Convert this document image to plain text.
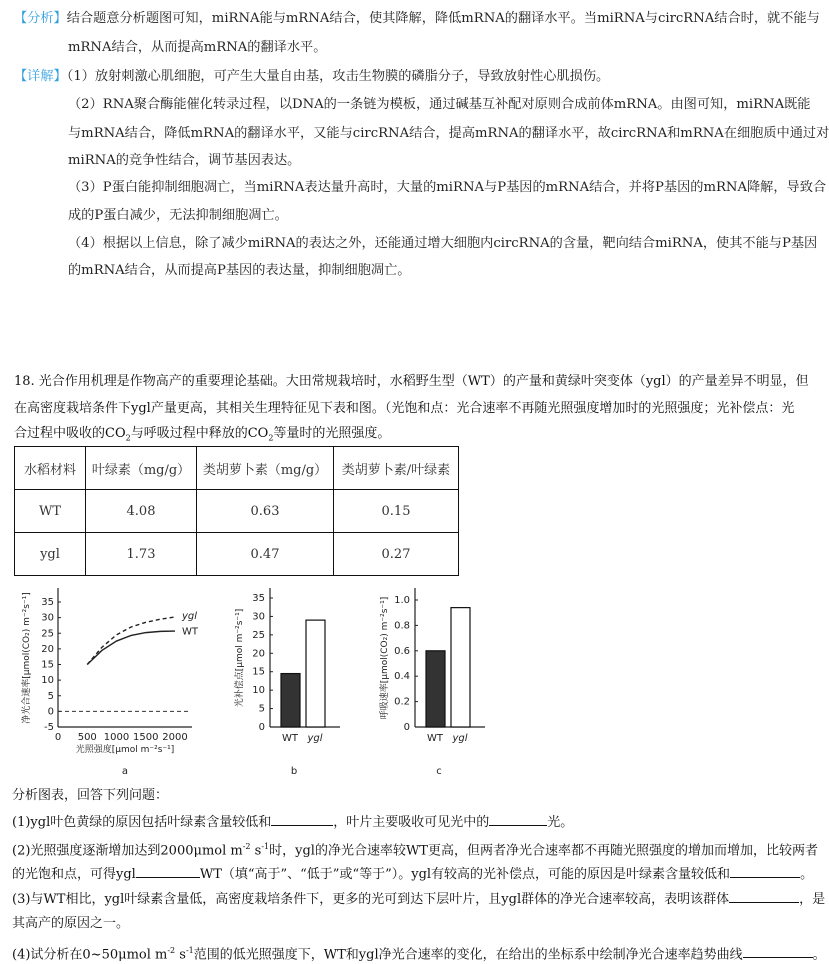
【分析】结合题意分析题图可知，miRNA能与mRNA结合，使其降解，降低mRNA的翻译水平。当miRNA与circRNA结合时，就不能与
mRNA结合，从而提高mRNA的翻译水平。
【详解】（1）放射刺激心肌细胞，可产生大量自由基，攻击生物膜的磷脂分子，导致放射性心肌损伤。
（2）RNA聚合酶能催化转录过程，以DNA的一条链为模板，通过碱基互补配对原则合成前体mRNA。由图可知，miRNA既能
与mRNA结合，降低mRNA的翻译水平，又能与circRNA结合，提高mRNA的翻译水平，故circRNA和mRNA在细胞质中通过对
miRNA的竞争性结合，调节基因表达。
（3）P蛋白能抑制细胞凋亡，当miRNA表达量升高时，大量的miRNA与P基因的mRNA结合，并将P基因的mRNA降解，导致合
成的P蛋白减少，无法抑制细胞凋亡。
（4）根据以上信息，除了减少miRNA的表达之外，还能通过增大细胞内circRNA的含量，靶向结合miRNA，使其不能与P基因
的mRNA结合，从而提高P基因的表达量，抑制细胞凋亡。
18. 光合作用机理是作物高产的重要理论基础。大田常规栽培时，水稻野生型（WT）的产量和黄绿叶突变体（ygl）的产量差异不明显，但
在高密度栽培条件下ygl产量更高，其相关生理特征见下表和图。（光饱和点：光合速率不再随光照强度增加时的光照强度；光补偿点：光
合过程中吸收的$CO_2$与呼吸过程中释放的$CO_2$等量时的光照强度。
水稻材料	叶绿素（mg/g）	类胡萝卜素（mg/g）	类胡萝卜素/叶绿素
WT	4.08	0.63	0.15
ygl	1.73	0.47	0.27
35
30
25
20
15
10
5
0
-5
0 500 1000 1500 2000
ygl
WT
净光合速率[μmol(CO₂) m⁻²s⁻¹]
光照强度[μmol m⁻²s⁻¹]
a
35
30
25
20
15
10
5
0
WT ygl
光补偿点[μmol m⁻²s⁻¹]
b
1.0
0.8
0.6
0.4
0.2
0
WT ygl
呼吸速率[μmol(CO₂) m⁻²s⁻¹]
c
分析图表，回答下列问题：
(1)ygl叶色黄绿的原因包括叶绿素含量较低和	，叶片主要吸收可见光中的	光。
(2)光照强度逐渐增加达到2000μmol $m^{-2}$ $s^{-1}$时，ygl的净光合速率较WT更高，但两者净光合速率都不再随光照强度的增加而增加，比较两者
的光饱和点，可得ygl	WT（填“高于”、“低于”或“等于”）。ygl有较高的光补偿点，可能的原因是叶绿素含量较低和	。
(3)与WT相比，ygl叶绿素含量低，高密度栽培条件下，更多的光可到达下层叶片，且ygl群体的净光合速率较高，表明该群体	，是
其高产的原因之一。
(4)试分析在0~50μmol $m^{-2}$ $s^{-1}$范围的低光照强度下，WT和ygl净光合速率的变化，在给出的坐标系中绘制净光合速率趋势曲线	。
